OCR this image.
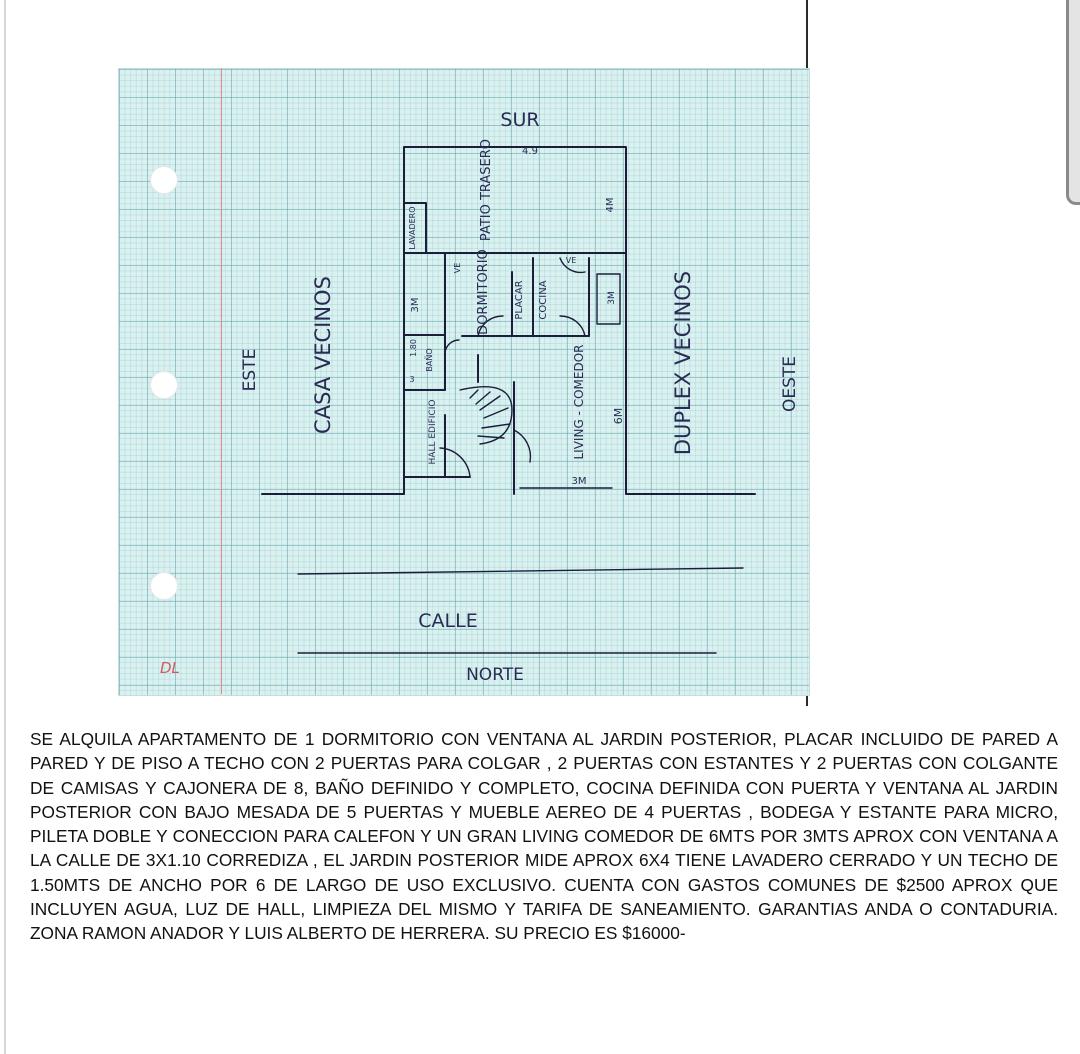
SUR
NORTE
CALLE
ESTE	OESTE
CASA VECINOS	DUPLEX VECINOS
PATIO TRASERO
LAVADERO
DORMITORIO PLACAR COCINA
LIVING - COMEDOR
HALL EDIFICIO
BAÑO
VE
3M
4M
6M
3M
3M
3
4.9
1.80
VE
DL

SE ALQUILA APARTAMENTO DE 1 DORMITORIO CON VENTANA AL JARDIN POSTERIOR, PLACAR INCLUIDO DE PARED A PARED Y DE PISO A TECHO CON 2 PUERTAS PARA COLGAR , 2 PUERTAS CON ESTANTES Y 2 PUERTAS CON COLGANTE DE CAMISAS Y CAJONERA DE 8, BAÑO DEFINIDO Y COMPLETO, COCINA DEFINIDA CON PUERTA Y VENTANA AL JARDIN POSTERIOR CON BAJO MESADA DE 5 PUERTAS Y MUEBLE AEREO DE 4 PUERTAS , BODEGA Y ESTANTE PARA MICRO, PILETA DOBLE Y CONECCION PARA CALEFON Y UN GRAN LIVING COMEDOR DE 6MTS POR 3MTS APROX CON VENTANA A LA CALLE DE 3X1.10 CORREDIZA , EL JARDIN POSTERIOR MIDE APROX 6X4 TIENE LAVADERO CERRADO Y UN TECHO DE 1.50MTS DE ANCHO POR 6 DE LARGO DE USO EXCLUSIVO. CUENTA CON GASTOS COMUNES DE $2500 APROX QUE INCLUYEN AGUA, LUZ DE HALL, LIMPIEZA DEL MISMO Y TARIFA DE SANEAMIENTO. GARANTIAS ANDA O CONTADURIA. ZONA RAMON ANADOR Y LUIS ALBERTO DE HERRERA. SU PRECIO ES $16000-
